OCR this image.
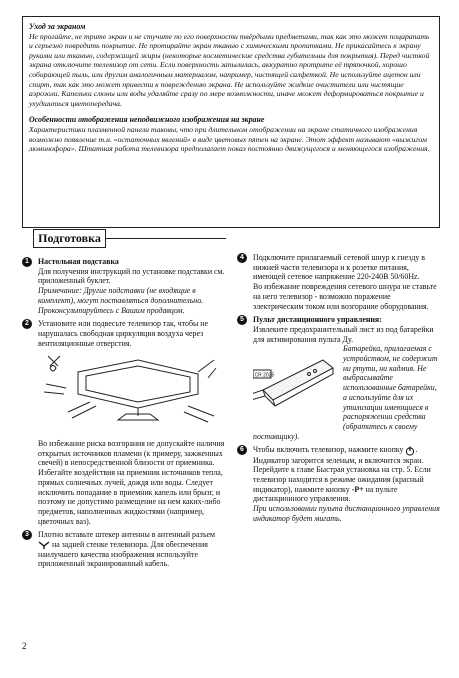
Уход за экраном

Не прогайте, не трите экран и не стучите по его поверхности твёрдыми предметами, так как это может поцарапать и серьезно повредить покрытие. Не протирайте экран тканью с химическими пропитками. Не прикасайтесь к экрану руками или тканью, содержащей жиры (некоторые косметические средства губительны для покрытия). Перед чисткой экрана отключите телевизор от сети. Если поверхность запылилась, аккуратно протрите её тряпочкой, хорошо собирающей пыль, или другим аналогичным материалом, например, чистящей салфеткой. Не используйте ацетон или спирт, так как это может привести к повреждению экрана. Не используйте жидкие очистители или чистящие аэрозоли. Капельки слюны или воды удаляйте сразу по мере возможности, иначе может деформироваться покрытие и ухудшиться цветопередача.

Особенности отображения неподвижного изображения на экране

Характеристики плазменной панели таковы, что при длительном отображении на экране статичного изображения возможно появление т.н. «остаточных явлений» в виде цветовых пятен на экране. Этот эффект называют «выжигом люминофора». Штатная работа телевизора предполагает показ постоянно движущегося и меняющегося изображения.

Подготовка
1	Настольная подставка

Для получения инструкций по установке подставки см. приложенный буклет.

Примечание: Другие подставки (не входящие в комплект), могут поставляться дополнительно. Проконсультируйтесь с Вашим продавцом.

2	Установите или подвесьте телевизор так, чтобы не нарушалась свободная циркуляция воздуха через вентиляционные отверстия.

Во избежание риска возгорания не допускайте наличия открытых источников пламени (к примеру, зажженных свечей) в непосредственной близости от приемника. Избегайте воздействия на приемник источников тепла, прямых солнечных лучей, дождя или воды. Следует исключить попадание в приемник капель или брызг, и поэтому не допустимо размещение на нем каких-либо предметов, наполненных жидкостями (например, цветочных ваз).

3	Плотно вставьте штекер антенны в антенный разъем  на задней стенке телевизора. Для обеспечения наилучшего качества изображения используйте приложенный экранированный кабель.

4	Подключите прилагаемый сетевой шнур к гнезду в нижней части телевизора и к розетке питания, имеющей сетевое напряжение 220-240В 50/60Hz.

Во избежание повреждения сетевого шнура не ставьте на него телевизор - возможно поражение электрическим током или возгорание оборудования.

5	Пульт дистанционного управления:

Извлеките предохранительный лист из под батарейки для активирования пульта Ду.

CR 2025

Батарейка, прилагаемая с устройством, не содержит ни ртути, ни кадмия. Не выбрасывайте использованные батарейки, а используйте для их утилизации имеющиеся в распоряжении средства (обратитесь к своему поставщику).

6	Чтобы включить телевизор, нажмите кнопку . Индикатор загорится зеленым, и включится экран. Перейдите к главе Быстрая установка на стр. 5. Если телевизор находится в режиме ожидания (красный индикатор), нажмите кнопку -P+ на пульте дистанционного управления.

При использовании пульта дистанционного управления индикатор будет мигать.

2
